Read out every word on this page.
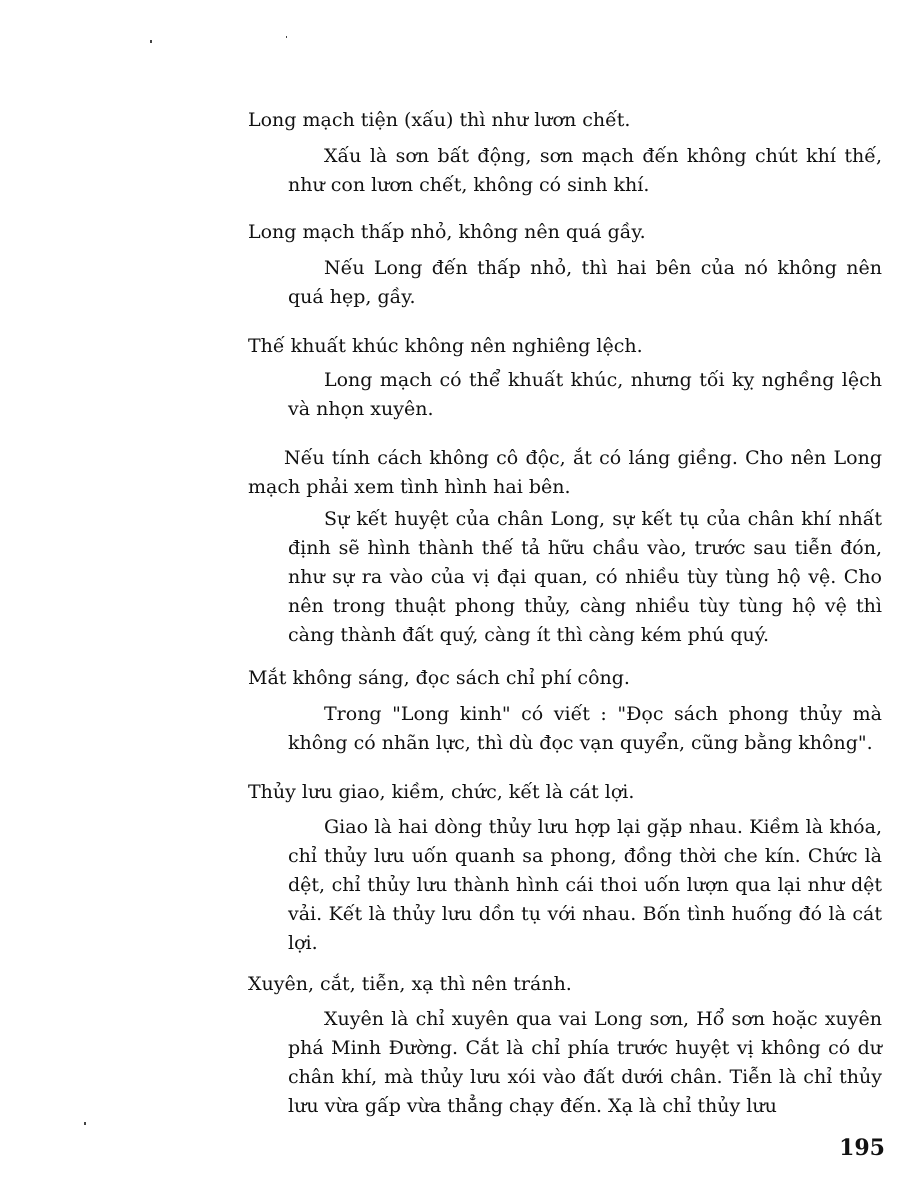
Long mạch tiện (xấu) thì như lươn chết.

Xấu là sơn bất động, sơn mạch đến không chút khí thế, như con lươn chết, không có sinh khí.

Long mạch thấp nhỏ, không nên quá gầy.

Nếu Long đến thấp nhỏ, thì hai bên của nó không nên quá hẹp, gầy.

Thế khuất khúc không nên nghiêng lệch.

Long mạch có thể khuất khúc, nhưng tối kỵ nghềng lệch và nhọn xuyên.

Nếu tính cách không cô độc, ắt có láng giềng. Cho nên Long mạch phải xem tình hình hai bên.

Sự kết huyệt của chân Long, sự kết tụ của chân khí nhất định sẽ hình thành thế tả hữu chầu vào, trước sau tiễn đón, như sự ra vào của vị đại quan, có nhiều tùy tùng hộ vệ. Cho nên trong thuật phong thủy, càng nhiều tùy tùng hộ vệ thì càng thành đất quý, càng ít thì càng kém phú quý.

Mắt không sáng, đọc sách chỉ phí công.

Trong "Long kinh" có viết : "Đọc sách phong thủy mà không có nhãn lực, thì dù đọc vạn quyển, cũng bằng không".

Thủy lưu giao, kiềm, chức, kết là cát lợi.

Giao là hai dòng thủy lưu hợp lại gặp nhau. Kiềm là khóa, chỉ thủy lưu uốn quanh sa phong, đồng thời che kín. Chức là dệt, chỉ thủy lưu thành hình cái thoi uốn lượn qua lại như dệt vải. Kết là thủy lưu dồn tụ với nhau. Bốn tình huống đó là cát lợi.

Xuyên, cắt, tiễn, xạ thì nên tránh.

Xuyên là chỉ xuyên qua vai Long sơn, Hổ sơn hoặc xuyên phá Minh Đường. Cắt là chỉ phía trước huyệt vị không có dư chân khí, mà thủy lưu xói vào đất dưới chân. Tiễn là chỉ thủy lưu vừa gấp vừa thẳng chạy đến. Xạ là chỉ thủy lưu

195
